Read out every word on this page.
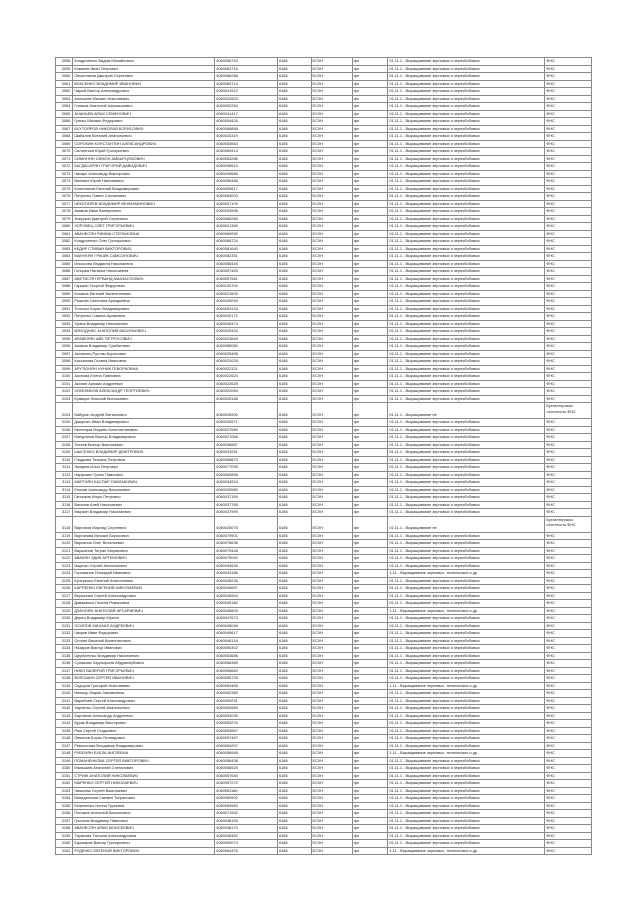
3058	Кондратенко Вадим Михайлович	4060056743	6186	ЕСХН	фл	01.11.1 - Выращивание зерновых и зернобобовых	ФНС
3059	Ковалев Иван Петрович	4060063716	6186	ЕСХН	фл	01.11.1 - Выращивание зерновых и зернобобовых	ФНС
3060	Овчинников Дмитрий Сергеевич	4060066288	6186	ЕСХН	фл	01.11.1 - Выращивание зерновых и зернобобовых	ФНС
3061	ВЛАСЕНКО ВЛАДИМИР ИВАНОВИЧ	4060089714	6186	ЕСХН	фл	01.11.1 - Выращивание зерновых и зернобобовых	ФНС
3062	Чарый Виктор Александрович	4060041512	6186	ЕСХН	фл	01.11.1 - Выращивание зерновых и зернобобовых	ФНС
3063	Алексеев Михаил Николаевич	4060022603	6186	ЕСХН	фл	01.11.1 - Выращивание зерновых и зернобобовых	ФНС
3064	Глазков Анатолий Афанасьевич	4060092284	6186	ЕСХН	фл	01.11.1 - Выращивание зерновых и зернобобовых	ФНС
3065	АНАНЬЕВ АРАМ СЕМЕНОВИЧ	4060041417	6186	ЕСХН	фл	01.11.1 - Выращивание зерновых и зернобобовых	ФНС
3066	Гречко Михаил Федорович	4060054426	6186	ЕСХН	фл	01.11.1 - Выращивание зерновых и зернобобовых	ФНС
3067	БУХТОЯРОВ НИКОЛАЙ БОРИСОВИЧ	4060068858	6186	ЕСХН	фл	01.11.1 - Выращивание зерновых и зернобобовых	ФНС
3068	Шабалов Виталий Анатольевич	4060020319	6186	ЕСХН	фл	01.11.1 - Выращивание зерновых и зернобобовых	ФНС
3069	СОРОКИН КОНСТАНТИН АЛЕКСАНДРОВИЧ	4060053663	6186	ЕСХН	фл	01.11.1 - Выращивание зерновых и зернобобовых	ФНС
3070	Силантьев Юрий Григорьевич	4060069414	6186	ЕСХН	фл	01.11.1 - Выращивание зерновых и зернобобовых	ФНС
3071	СИМОНЯН СИМОН АМБАРЦУМОВИЧ	4060083286	6186	ЕСХН	фл	01.11.1 - Выращивание зерновых и зернобобовых	ФНС
3072	БАГДАСАРЯН ГРИГОРИЙ ДАВИДОВИЧ	4060098515	6186	ЕСХН	фл	01.11.1 - Выращивание зерновых и зернобобовых	ФНС
3073	Чикарь Александр Викторович	4060049685	6186	ЕСХН	фл	01.11.1 - Выращивание зерновых и зернобобовых	ФНС
3074	Виноват Юрий Николаевич	4060056486	6186	ЕСХН	фл	01.11.1 - Выращивание зерновых и зернобобовых	ФНС
3075	Колесников Евгений Владимирович	4060059617	6186	ЕСХН	фл	01.11.1 - Выращивание зерновых и зернобобовых	ФНС
3076	Петренко Павел Степанович	4060063003	6186	ЕСХН	фл	01.11.1 - Выращивание зерновых и зернобобовых	ФНС
3077	ЧЕКОТАРЕВ ВЛАДИМИР ВЕНИАМИНОВИЧ	4060057109	6186	ЕСХН	фл	01.11.1 - Выращивание зерновых и зернобобовых	ФНС
3078	Акимов Иван Валерьевич	4060093596	6186	ЕСХН	фл	01.11.1 - Выращивание зерновых и зернобобовых	ФНС
3079	Ачкуркин Дмитрий Сергеевич	4060066285	6186	ЕСХН	фл	01.11.1 - Выращивание зерновых и зернобобовых	ФНС
3080	ХОРОВЕЦ ОЛЕГ ГРИГОРЬЕВИЧ	4060021365	6186	ЕСХН	фл	01.11.1 - Выращивание зерновых и зернобобовых	ФНС
3081	АВАНЕСЯН РИММА СТЕПАНОВНА	4060066930	6186	ЕСХН	фл	01.11.1 - Выращивание зерновых и зернобобовых	ФНС
3082	Кондратенко Олег Григорьевич	4060068724	6186	ЕСХН	фл	01.11.1 - Выращивание зерновых и зернобобовых	ФНС
3083	КЕДИР СТИВАН ВИКТОРОВИЧ	4060081640	6186	ЕСХН	фл	01.11.1 - Выращивание зерновых и зернобобовых	ФНС
3084	МАНУКЯН ГРАЧИК САМСОНОВИЧ	4060082351	6186	ЕСХН	фл	01.11.1 - Выращивание зерновых и зернобобовых	ФНС
3085	Ильясова Людмила Николаевна	4060058445	6186	ЕСХН	фл	01.11.1 - Выращивание зерновых и зернобобовых	ФНС
3086	Гонцова Наталья Николаевна	4060057483	6186	ЕСХН	фл	01.11.1 - Выращивание зерновых и зернобобовых	ФНС
3087	АВЕТИСЯН ЕРВАНД АМАЗАСПОВИЧ	4060057561	6186	ЕСХН	фл	01.11.1 - Выращивание зерновых и зернобобовых	ФНС
3088	Гарькин Георгий Федорович	4060100700	6186	ЕСХН	фл	01.11.1 - Выращивание зерновых и зернобобовых	ФНС
3089	Козаков Евгений Валентинович	4060021605	6186	ЕСХН	фл	01.11.1 - Выращивание зерновых и зернобобовых	ФНС
3090	Рыжова Светлана Аркадьевна	4060026094	6186	ЕСХН	фл	01.11.1 - Выращивание зерновых и зернобобовых	ФНС
3091	Толстых Борис Владимирович	4060053134	6186	ЕСХН	фл	01.11.1 - Выращивание зерновых и зернобобовых	ФНС
3092	Петренко Сакина Арамовна	4060040172	6186	ЕСХН	фл	01.11.1 - Выращивание зерновых и зернобобовых	ФНС
3093	Храна Владимир Николаевич	4060045474	6186	ЕСХН	фл	01.11.1 - Выращивание зерновых и зернобобовых	ФНС
3094	ВЛИОДНИС АНАТОЛИЙ ВАСИЛЬЕВИЧ	4060025434	6186	ЕСХН	фл	01.11.1 - Выращивание зерновых и зернобобовых	ФНС
3095	АРАКЕЛЯН АЙК ПЕТРОСОВИЧ	4060023649	6186	ЕСХН	фл	01.11.1 - Выращивание зерновых и зернобобовых	ФНС
3096	Акимов Владимир Сумбатович	4060088080	6186	ЕСХН	фл	01.11.1 - Выращивание зерновых и зернобобовых	ФНС
3097	Акопьянц Рустам Борисович	4060025456	6186	ЕСХН	фл	01.11.1 - Выращивание зерновых и зернобобовых	ФНС
3098	Касьянова Галина Ивановна	4060020028	6186	ЕСХН	фл	01.11.1 - Выращивание зерновых и зернобобовых	ФНС
3099	АРУТЮНЯН НУНИК ГЕВОРКОВНА	4060022321	6186	ЕСХН	фл	01.11.1 - Выращивание зерновых и зернобобовых	ФНС
3100	Акопова Елена Павловна	4060022624	6186	ЕСХН	фл	01.11.1 - Выращивание зерновых и зернобобовых	ФНС
3101	Акопян Армаис Андреевич	4060022628	6186	ЕСХН	фл	01.11.1 - Выращивание зерновых и зернобобовых	ФНС
3102	ХЛЕБНИКОВ АЛЕКСАНДР ГЕОРГИЕВИЧ	4060022064	6186	ЕСХН	фл	01.11.1 - Выращивание зерновых и зернобобовых	ФНС
3103	Кравцов Николай Витальевич	4060025168	6186	ЕСХН	фл	01.11.1 - Выращивание зерновых и зернобобовых	ФНС
3104	Бабурин Андрей Витальевич	4060026900	6186	ЕСХН	фл	01.11.1 - Выращивание не	Бухгалтерская отчетность ФНС
3105	Дащенко Иван Владимирович	4060030571	6186	ЕСХН	фл	01.11.1 - Выращивание зерновых и зернобобовых	ФНС
3106	Митенцов Марини Константинович	4060027680	6186	ЕСХН	фл	01.11.1 - Выращивание зерновых и зернобобовых	ФНС
3107	Матурянов Виктор Владимирович	4060027066	6186	ЕСХН	фл	01.11.1 - Выращивание зерновых и зернобобовых	ФНС
3108	Зотеев Виктор Васильевич	4060036687	6186	ЕСХН	фл	01.11.1 - Выращивание зерновых и зернобобовых	ФНС
3109	ЫЫСЕНКО ВЛАДИМИР ДМИТРОВИЧ	4060031091	6186	ЕСХН	фл	01.11.1 - Выращивание зерновых и зернобобовых	ФНС
3110	Гладкова Татьяна Петровна	4060058870	6186	ЕСХН	фл	01.11.1 - Выращивание зерновых и зернобобовых	ФНС
3111	Лазарев Илья Петрович	4060077095	6186	ЕСХН	фл	01.11.1 - Выращивание зерновых и зернобобовых	ФНС
3112	Нарушкин Гриль Павлович	4060060858	6186	ЕСХН	фл	01.11.1 - Выращивание зерновых и зернобобовых	ФНС
3113	МАРТАЯН КАСПАР ПАВЛАКОВИЧ	4060034924	6186	ЕСХН	фл	01.11.1 - Выращивание зерновых и зернобобовых	ФНС
3114	Еноков Александр Васильевич	4060030580	6186	ЕСХН	фл	01.11.1 - Выращивание зерновых и зернобобовых	ФНС
3115	Ганчиков Игорь Петрович	4060037159	6186	ЕСХН	фл	01.11.1 - Выращивание зерновых и зернобобовых	ФНС
3116	Ваганов Алей Николаевич	4060037765	6186	ЕСХН	фл	01.11.1 - Выращивание зерновых и зернобобовых	ФНС
3117	Мыркин Владимир Николаевич	4060037999	6186	ЕСХН	фл	01.11.1 - Выращивание зерновых и зернобобовых	ФНС
3118	Варганов Марлид Сергеевич	4060026078	6186	ЕСХН	фл	01.11.1 - Выращивание не	Бухгалтерская отчетность ФНС
3119	Варганова Михаил Борисович	4060079901	6186	ЕСХН	фл	01.11.1 - Выращивание зерновых и зернобобовых	ФНС
3120	Варсанов Олег Витальевич	4060076636	6186	ЕСХН	фл	01.11.1 - Выращивание зерновых и зернобобовых	ФНС
3121	Варшанов Тигран Миранович	4060079448	6186	ЕСХН	фл	01.11.1 - Выращивание зерновых и зернобобовых	ФНС
3122	АВАКЯН ЭДИК АРТЕМОВИЧ	4060079092	6186	ЕСХН	фл	01.11.1 - Выращивание зерновых и зернобобовых	ФНС
3123	Ищенко Сергей Анатольевич	4060044630	6186	ЕСХН	фл	01.11.1 - Выращивание зерновых и зернобобовых	ФНС
3124	Горожанов Геннадий Иванович	4060043186	6186	ЕСХН	фл	1.11 - Выращивание зерновых, технических и др	ФНС
3125	Кучеренко Евгений Анатольевич	4060045226	6186	ЕСХН	фл	01.11.1 - Выращивание зерновых и зернобобовых	ФНС
3126	КАРПЕНКО ЕВГЕНИЙ НИКОЛАЕВИЧ	4060045657	6186	ЕСХН	фл	01.11.1 - Выращивание зерновых и зернобобовых	ФНС
3127	Вершинин Сергей Александрович	4060045904	6186	ЕСХН	фл	01.11.1 - Выращивание зерновых и зернобобовых	ФНС
3128	Даваженко Галина Романовна	4060045180	6186	ЕСХН	фл	01.11.1 - Выращивание зерновых и зернобобовых	ФНС
3129	ДЗАНОЯН АНАТОЛИЙ АРСАРИЕВИЧ	4060045609	6186	ЕСХН	фл	1.11 - Выращивание зерновых, технических и др	ФНС
3130	Дерец Владимир Юрьев	4060047673	6186	ЕСХН	фл	01.11.1 - Выращивание зерновых и зернобобовых	ФНС
3131	ОСИПОВ МИХАИЛ АНДРЕЕВИЧ	4060046046	6186	ЕСХН	фл	01.11.1 - Выращивание зерновых и зернобобовых	ФНС
3132	Чакуев Иван Федорович	4060049617	6186	ЕСХН	фл	01.11.1 - Выращивание зерновых и зернобобовых	ФНС
3133	Огонян Василий Валентинович	4060046144	6186	ЕСХН	фл	01.11.1 - Выращивание зерновых и зернобобовых	ФНС
3134	Назаров Виктор Иванович	4060050302	6186	ЕСХН	фл	01.11.1 - Выращивание зерновых и зернобобовых	ФНС
3135	Щербатенко Владимир Николаевич	4060053686	6186	ЕСХН	фл	01.11.1 - Выращивание зерновых и зернобобовых	ФНС
3136	Сулакова Хадлырына Абдуманубовна	4060056389	6186	ЕСХН	фл	01.11.1 - Выращивание зерновых и зернобобовых	ФНС
3137	НИКО ВАЛЕРИЙ ГРИГОРЬЕВИЧ	4060056660	6186	ЕСХН	фл	01.11.1 - Выращивание зерновых и зернобобовых	ФНС
3138	ВОЛОШИН СЕРГЕЙ ИВАНОВИЧ	4060055725	6186	ЕСХН	фл	01.11.1 - Выращивание зерновых и зернобобовых	ФНС
3139	Сидоров Григорий Николаевич	4060054465	6186	ЕСХН	фл	1.11 - Выращивание зерновых, технических и др	ФНС
3140	Немоць Мария Зиновьевна	4060052389	6186	ЕСХН	фл	01.11.1 - Выращивание зерновых и зернобобовых	ФНС
3141	Варибоев Сергей Александрович	4060059291	6186	ЕСХН	фл	01.11.1 - Выращивание зерновых и зернобобовых	ФНС
3142	Харченко Сергей Анатольевич	4060052665	6186	ЕСХН	фл	01.11.1 - Выращивание зерновых и зернобобовых	ФНС
3143	Бартанов Александр Андреевич	4060053035	6186	ЕСХН	фл	01.11.1 - Выращивание зерновых и зернобобовых	ФНС
3144	Бурак Владимир Викторович	4060053276	6186	ЕСХН	фл	01.11.1 - Выращивание зерновых и зернобобовых	ФНС
3145	Ряш Сергей Стадьевич	4060053667	6186	ЕСХН	фл	01.11.1 - Выращивание зерновых и зернобобовых	ФНС
3146	Овчинов Борис Леонидович	4060057467	6186	ЕСХН	фл	01.11.1 - Выращивание зерновых и зернобобовых	ФНС
3147	Ревокосова Владимир Владимирович	4060054207	6186	ЕСХН	фл	01.11.1 - Выращивание зерновых и зернобобовых	ФНС
3148	РУБЕНЯН БУБЛА АНГЛЕВНА	4060056948	6186	ЕСХН	фл	1.11 - Выращивание зерновых, технических и др	ФНС
3149	ПОМАНЕНКОВА СЕРГЕЙ ВИКТОРОВИЧ	4060056438	6186	ЕСХН	фл	01.11.1 - Выращивание зерновых и зернобобовых	ФНС
3150	Малышев Анатолий Степанович	4060056525	6186	ЕСХН	фл	01.11.1 - Выращивание зерновых и зернобобовых	ФНС
3151	СТРИЖ АНАТОЛИЙ НИКОЛАЕВИЧ	4060057640	6186	ЕСХН	фл	01.11.1 - Выращивание зерновых и зернобобовых	ФНС
3152	МАРЕНКО СЕРГЕЙ НИКОЛАЕВИЧ	4060057272	6186	ЕСХН	фл	01.11.1 - Выращивание зерновых и зернобобовых	ФНС
3153	Чмыхова Сергей Васильевич	4060061166	6186	ЕСХН	фл	01.11.1 - Выращивание зерновых и зернобобовых	ФНС
3154	Магидинская Самвел Тигранович	4060060902	6186	ЕСХН	фл	01.11.1 - Выращивание зерновых и зернобобовых	ФНС
3155	Моисеенко Нонна Гурьевна	4060063983	6186	ЕСХН	фл	01.11.1 - Выращивание зерновых и зернобобовых	ФНС
3156	Поляков Анатолий Васильевич	4060071532	6186	ЕСХН	фл	01.11.1 - Выращивание зерновых и зернобобовых	ФНС
3157	Грызлов Владимир Павлович	4060048159	6186	ЕСХН	фл	01.11.1 - Выращивание зерновых и зернобобовых	ФНС
3158	АВАНЕСЯН АРАМ МОИСЕЕВИЧ	4060048170	6186	ЕСХН	фл	01.11.1 - Выращивание зерновых и зернобобовых	ФНС
3159	Тарасова Татьяна Александровна	4060048482	6186	ЕСХН	фл	01.11.1 - Выращивание зерновых и зернобобовых	ФНС
3160	Едомарев Виктор Григорьевич	4060050074	6186	ЕСХН	фл	01.11.1 - Выращивание зерновых и зернобобовых	ФНС
3161	РУДЕНКО ЕВГЕНИЙ ВИКТОРОВИЧ	4060064476	6186	ЕСХН	фл	1.11 - Выращивание зерновых, технических и др	ФНС
